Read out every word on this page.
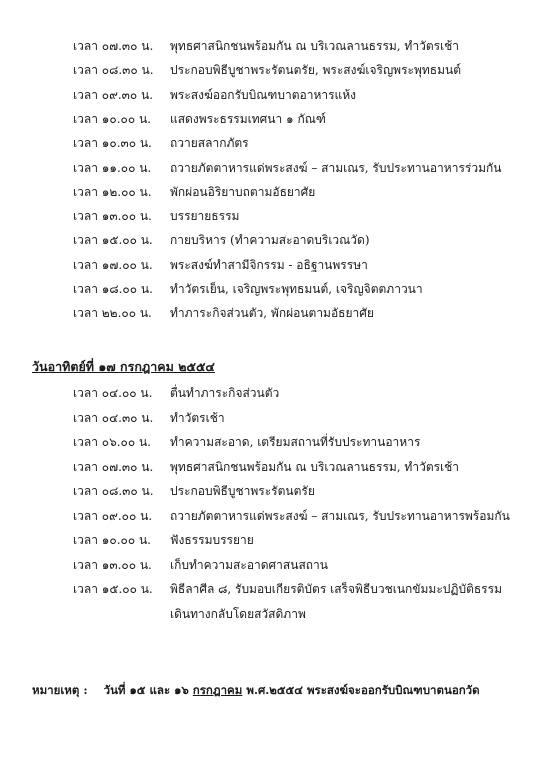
เวลา ๐๗.๓๐ น. พุทธศาสนิกชนพร้อมกัน ณ บริเวณลานธรรม, ทำวัตรเช้า
เวลา ๐๘.๓๐ น. ประกอบพิธีบูชาพระรัตนตรัย, พระสงฆ์เจริญพระพุทธมนต์
เวลา ๐๙.๓๐ น. พระสงฆ์ออกรับบิณฑบาตอาหารแห้ง
เวลา ๑๐.๐๐ น. แสดงพระธรรมเทศนา ๑ กัณฑ์
เวลา ๑๐.๓๐ น. ถวายสลากภัตร
เวลา ๑๑.๐๐ น. ถวายภัตตาหารแด่พระสงฆ์ – สามเณร, รับประทานอาหารร่วมกัน
เวลา ๑๒.๐๐ น. พักผ่อนอิริยาบถตามอัธยาศัย
เวลา ๑๓.๐๐ น. บรรยายธรรม
เวลา ๑๕.๐๐ น. กายบริหาร (ทำความสะอาดบริเวณวัด)
เวลา ๑๗.๐๐ น. พระสงฆ์ทำสามีจิกรรม - อธิฐานพรรษา
เวลา ๑๘.๐๐ น. ทำวัตรเย็น, เจริญพระพุทธมนต์, เจริญจิตตภาวนา
เวลา ๒๒.๐๐ น. ทำภาระกิจส่วนตัว, พักผ่อนตามอัธยาศัย
วันอาทิตย์ที่ ๑๗ กรกฎาคม ๒๕๕๔
เวลา ๐๔.๐๐ น. ตื่นทำภาระกิจส่วนตัว
เวลา ๐๔.๓๐ น. ทำวัตรเช้า
เวลา ๐๖.๐๐ น. ทำความสะอาด, เตรียมสถานที่รับประทานอาหาร
เวลา ๐๗.๓๐ น. พุทธศาสนิกชนพร้อมกัน ณ บริเวณลานธรรม, ทำวัตรเช้า
เวลา ๐๘.๓๐ น. ประกอบพิธีบูชาพระรัตนตรัย
เวลา ๐๙.๐๐ น. ถวายภัตตาหารแด่พระสงฆ์ – สามเณร, รับประทานอาหารพร้อมกัน
เวลา ๑๐.๐๐ น. ฟังธรรมบรรยาย
เวลา ๑๓.๐๐ น. เก็บทำความสะอาดศาสนสถาน
เวลา ๑๕.๐๐ น. พิธีลาศีล ๘, รับมอบเกียรติบัตร เสร็จพิธีบวชเนกขัมมะปฏิบัติธรรม
เดินทางกลับโดยสวัสดิภาพ
หมายเหตุ : วันที่ ๑๕ และ ๑๖ กรกฎาคม พ.ศ.๒๕๕๔ พระสงฆ์จะออกรับบิณฑบาตนอกวัด
